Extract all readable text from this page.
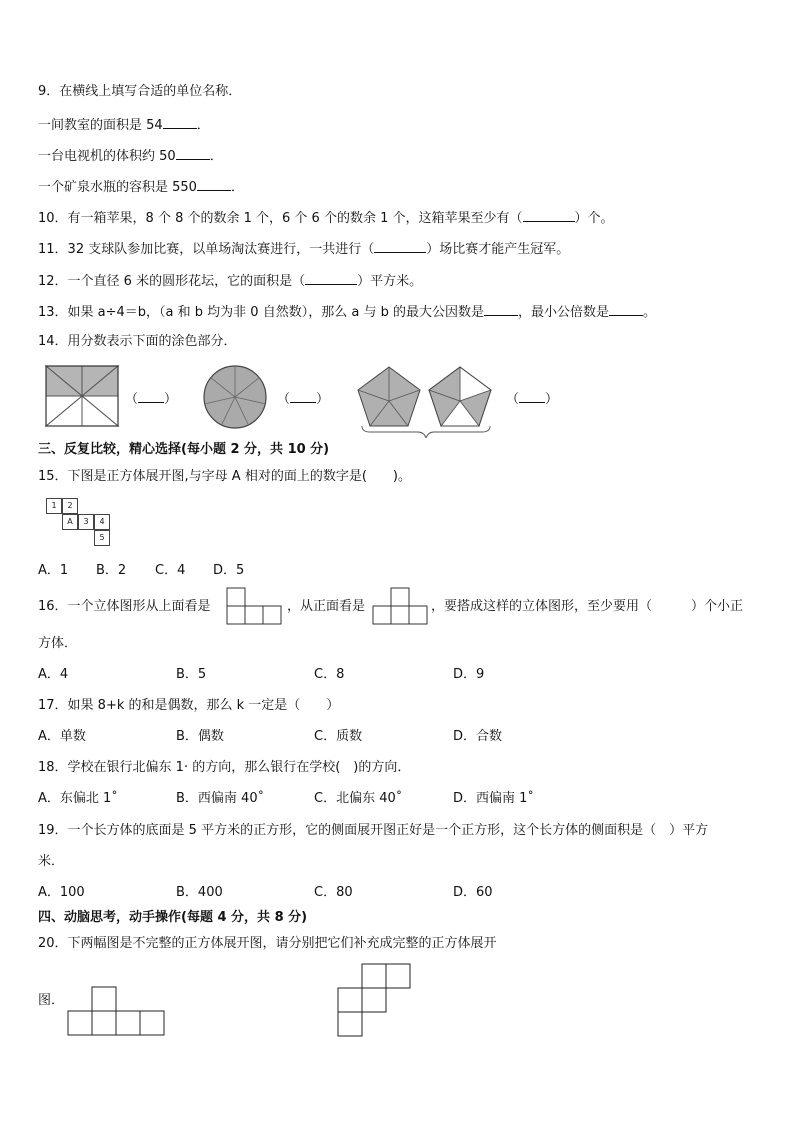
9．在横线上填写合适的单位名称．
一间教室的面积是 54	．
一台电视机的体积约 50	．
一个矿泉水瓶的容积是 550	．
10．有一箱苹果，8 个 8 个的数余 1 个，6 个 6 个的数余 1 个，这箱苹果至少有（	）个。
11．32 支球队参加比赛，以单场淘汰赛进行，一共进行（	）场比赛才能产生冠军。
12．一个直径 6 米的圆形花坛，它的面积是（	）平方米。
13．如果 a÷4＝b，（a 和 b 均为非 0 自然数），那么 a 与 b 的最大公因数是	，最小公倍数是	。
14．用分数表示下面的涂色部分．
（ ）	（ ）	（ ）
三、反复比较，精心选择(每小题 2 分，共 10 分)
15．下图是正方体展开图,与字母 A 相对的面上的数字是(　　)。
1	2
A	3	4
5
A．1 B．2 C．4 D．5
16．一个立体图形从上面看是	，从正面看是	，要搭成这样的立体图形，至少要用（　　　）个小正
方体．
A．4	B．5	C．8	D．9
17．如果 8+k 的和是偶数，那么 k 一定是（　　）
A．单数	B．偶数	C．质数	D．合数
18．学校在银行北偏东 1· 的方向，那么银行在学校(　)的方向．
A．东偏北 1˚	B．西偏南 40˚	C．北偏东 40˚	D．西偏南 1˚
19．一个长方体的底面是 5 平方米的正方形，它的侧面展开图正好是一个正方形，这个长方体的侧面积是（　）平方
米．
A．100	B．400	C．80	D．60
四、动脑思考，动手操作(每题 4 分，共 8 分)
20．下两幅图是不完整的正方体展开图，请分别把它们补充成完整的正方体展开
图．
